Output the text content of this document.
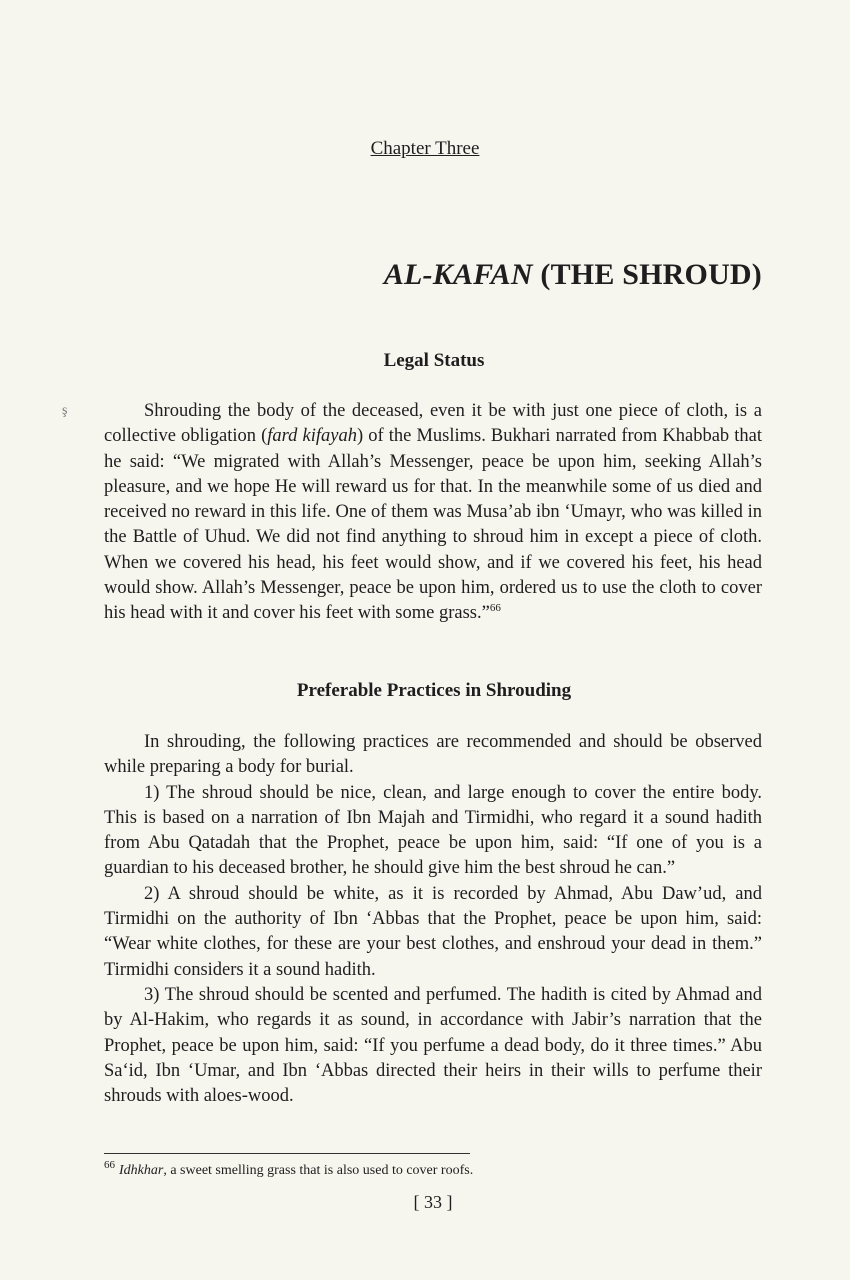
Chapter Three
AL-KAFAN (THE SHROUD)
Legal Status
ş	Shrouding the body of the deceased, even it be with just one piece of cloth, is a collective obligation (fard kifayah) of the Muslims. Bukhari narrated from Khabbab that he said: “We migrated with Allah’s Messenger, peace be upon him, seeking Allah’s pleasure, and we hope He will reward us for that. In the meanwhile some of us died and received no reward in this life. One of them was Musa’ab ibn ‘Umayr, who was killed in the Battle of Uhud. We did not find anything to shroud him in except a piece of cloth. When we covered his head, his feet would show, and if we covered his feet, his head would show. Allah’s Messenger, peace be upon him, ordered us to use the cloth to cover his head with it and cover his feet with some grass.”$^{66}$

Preferable Practices in Shrouding

In shrouding, the following practices are recommended and should be observed while preparing a body for burial.

1) The shroud should be nice, clean, and large enough to cover the entire body. This is based on a narration of Ibn Majah and Tirmidhi, who regard it a sound hadith from Abu Qatadah that the Prophet, peace be upon him, said: “If one of you is a guardian to his deceased brother, he should give him the best shroud he can.”

2) A shroud should be white, as it is recorded by Ahmad, Abu Daw’ud, and Tirmidhi on the authority of Ibn ‘Abbas that the Prophet, peace be upon him, said: “Wear white clothes, for these are your best clothes, and enshroud your dead in them.” Tirmidhi considers it a sound hadith.

3) The shroud should be scented and perfumed. The hadith is cited by Ahmad and by Al-Hakim, who regards it as sound, in accordance with Jabir’s narration that the Prophet, peace be upon him, said: “If you perfume a dead body, do it three times.” Abu Sa‘id, Ibn ‘Umar, and Ibn ‘Abbas directed their heirs in their wills to perfume their shrouds with aloes-wood.

$^{66}$ Idhkhar, a sweet smelling grass that is also used to cover roofs.
[ 33 ]
